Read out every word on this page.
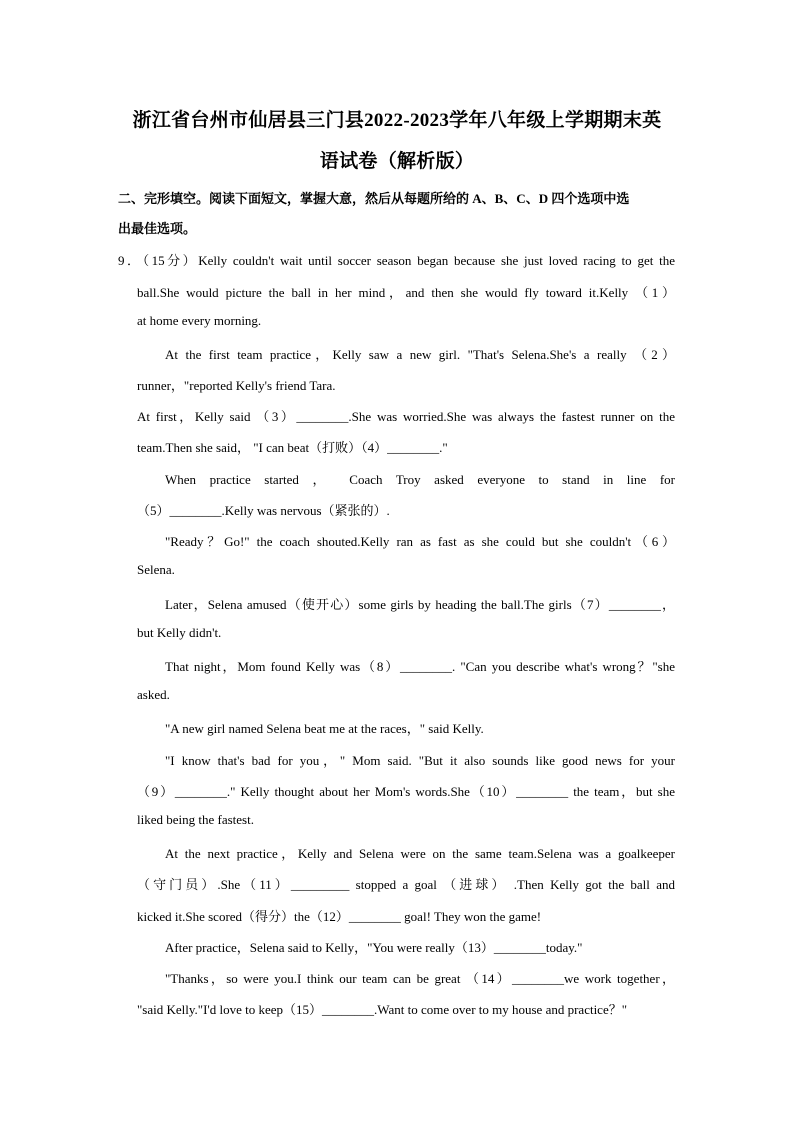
浙江省台州市仙居县三门县2022-2023学年八年级上学期期末英
语试卷（解析版）
二、完形填空。阅读下面短文，掌握大意，然后从每题所给的 A、B、C、D 四个选项中选
出最佳选项。
9．（15分）Kelly couldn't wait until soccer season began because she just loved racing to get the
ball.She would picture the ball in her mind，and then she would fly toward it.Kelly （1）
at home every morning.
At the first team practice，Kelly saw a new girl. "That's Selena.She's a really （2）
runner，"reported Kelly's friend Tara.
At first，Kelly said （3）________.She was worried.She was always the fastest runner on the
team.Then she said， "I can beat（打败）（4）________."
When practice started ， Coach Troy asked everyone to stand in line for
（5）________.Kelly was nervous（紧张的）.
"Ready？Go!" the coach shouted.Kelly ran as fast as she could but she couldn't（6）
Selena.
Later，Selena amused（使开心）some girls by heading the ball.The girls（7）________，
but Kelly didn't.
That night，Mom found Kelly was（8）________. "Can you describe what's wrong？"she
asked.
"A new girl named Selena beat me at the races，" said Kelly.
"I know that's bad for you，" Mom said. "But it also sounds like good news for your
（9）________." Kelly thought about her Mom's words.She（10）________ the team，but she
liked being the fastest.
At the next practice，Kelly and Selena were on the same team.Selena was a goalkeeper
（守门员）.She（11）_________ stopped a goal （进球） .Then Kelly got the ball and
kicked it.She scored（得分）the（12）________ goal! They won the game!
After practice，Selena said to Kelly，"You were really（13）________today."
"Thanks，so were you.I think our team can be great （14）________we work together，
"said Kelly."I'd love to keep（15）________.Want to come over to my house and practice？"
